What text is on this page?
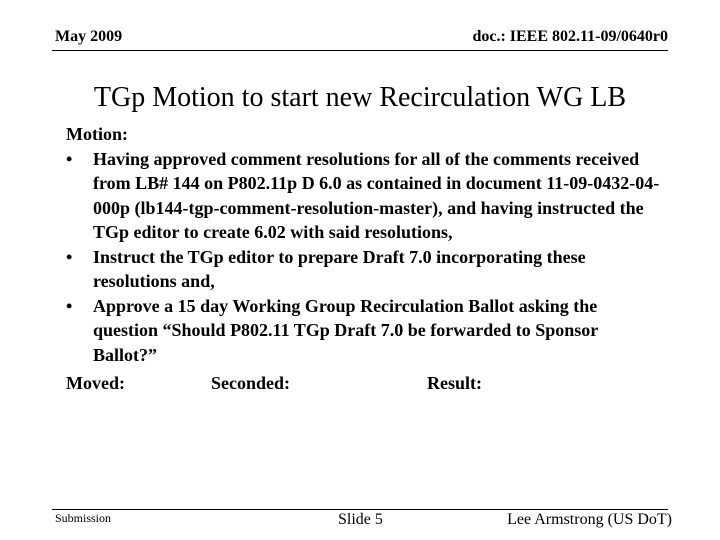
May 2009	doc.: IEEE 802.11-09/0640r0
TGp Motion to start new Recirculation WG LB
Motion:
•	Having approved comment resolutions for all of the comments received from LB# 144 on P802.11p D 6.0 as contained in document 11-09-0432-04-000p (lb144-tgp-comment-resolution-master), and having instructed the TGp editor to create 6.02 with said resolutions,
•	Instruct the TGp editor to prepare Draft 7.0 incorporating these resolutions and,
•	Approve a 15 day Working Group Recirculation Ballot asking the question “Should P802.11 TGp Draft 7.0 be forwarded to Sponsor Ballot?”
Moved:	Seconded:	Result:
Submission	Slide 5	Lee Armstrong (US DoT)
